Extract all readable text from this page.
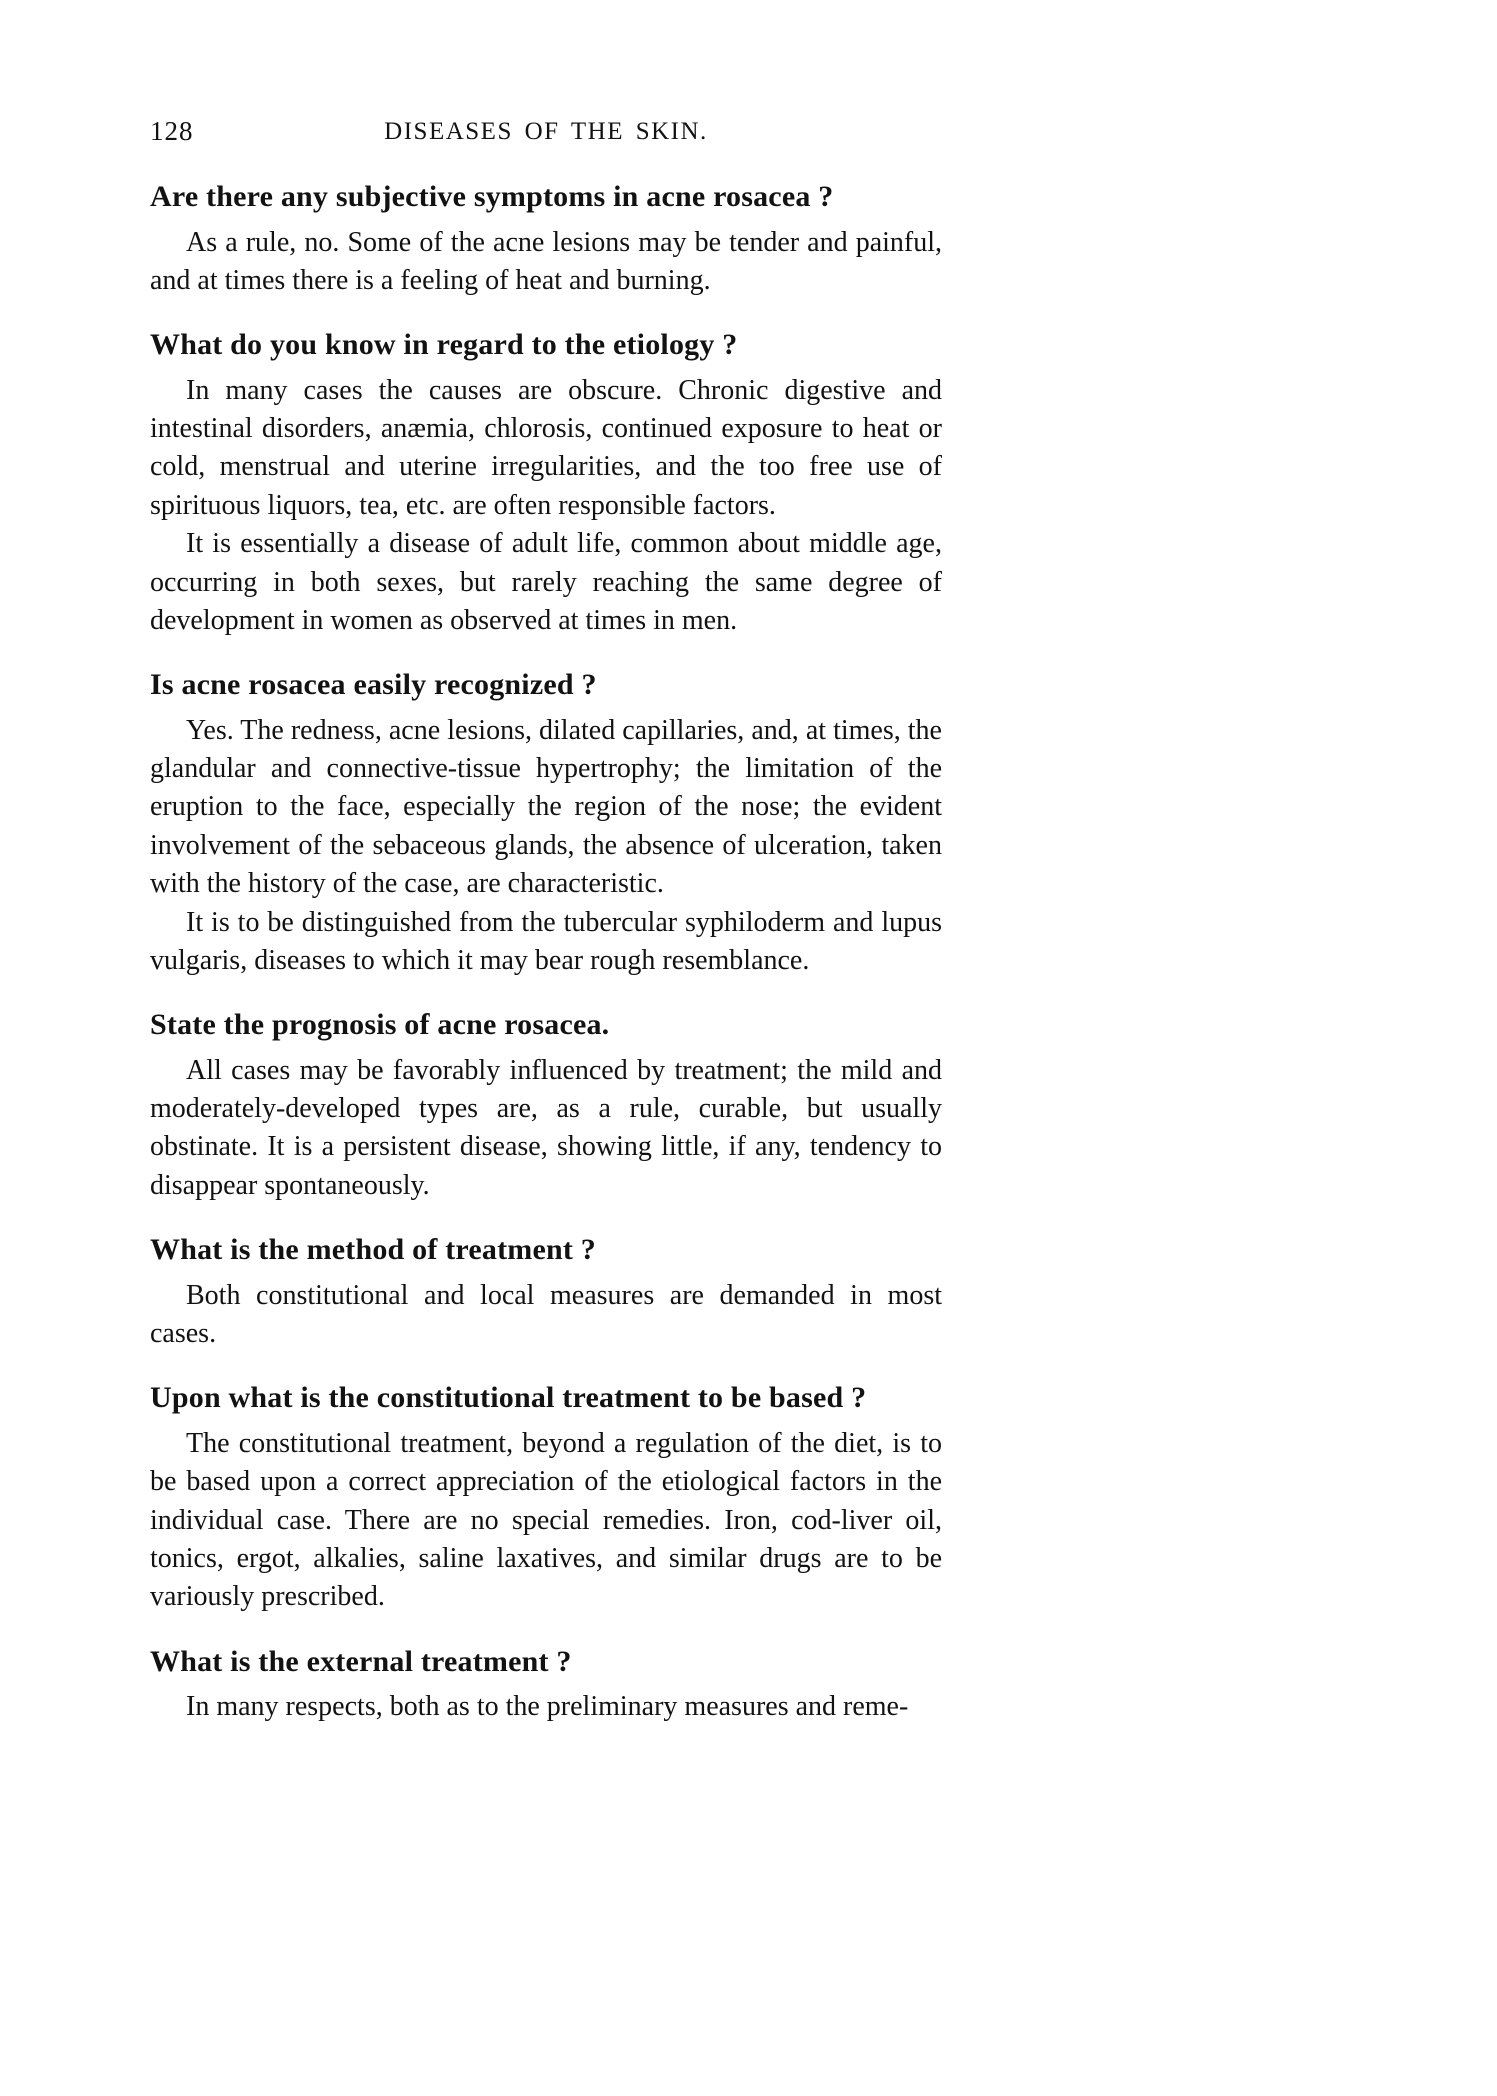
128	DISEASES OF THE SKIN.
Are there any subjective symptoms in acne rosacea ?

As a rule, no. Some of the acne lesions may be tender and painful, and at times there is a feeling of heat and burning.

What do you know in regard to the etiology ?

In many cases the causes are obscure. Chronic digestive and intestinal disorders, anæmia, chlorosis, continued exposure to heat or cold, menstrual and uterine irregularities, and the too free use of spirituous liquors, tea, etc. are often responsible factors.

It is essentially a disease of adult life, common about middle age, occurring in both sexes, but rarely reaching the same degree of development in women as observed at times in men.

Is acne rosacea easily recognized ?

Yes. The redness, acne lesions, dilated capillaries, and, at times, the glandular and connective-tissue hypertrophy; the limitation of the eruption to the face, especially the region of the nose; the evident involvement of the sebaceous glands, the absence of ulceration, taken with the history of the case, are characteristic.

It is to be distinguished from the tubercular syphiloderm and lupus vulgaris, diseases to which it may bear rough resemblance.

State the prognosis of acne rosacea.

All cases may be favorably influenced by treatment; the mild and moderately-developed types are, as a rule, curable, but usually obstinate. It is a persistent disease, showing little, if any, tendency to disappear spontaneously.

What is the method of treatment ?

Both constitutional and local measures are demanded in most cases.

Upon what is the constitutional treatment to be based ?

The constitutional treatment, beyond a regulation of the diet, is to be based upon a correct appreciation of the etiological factors in the individual case. There are no special remedies. Iron, cod-liver oil, tonics, ergot, alkalies, saline laxatives, and similar drugs are to be variously prescribed.

What is the external treatment ?

In many respects, both as to the preliminary measures and reme-
